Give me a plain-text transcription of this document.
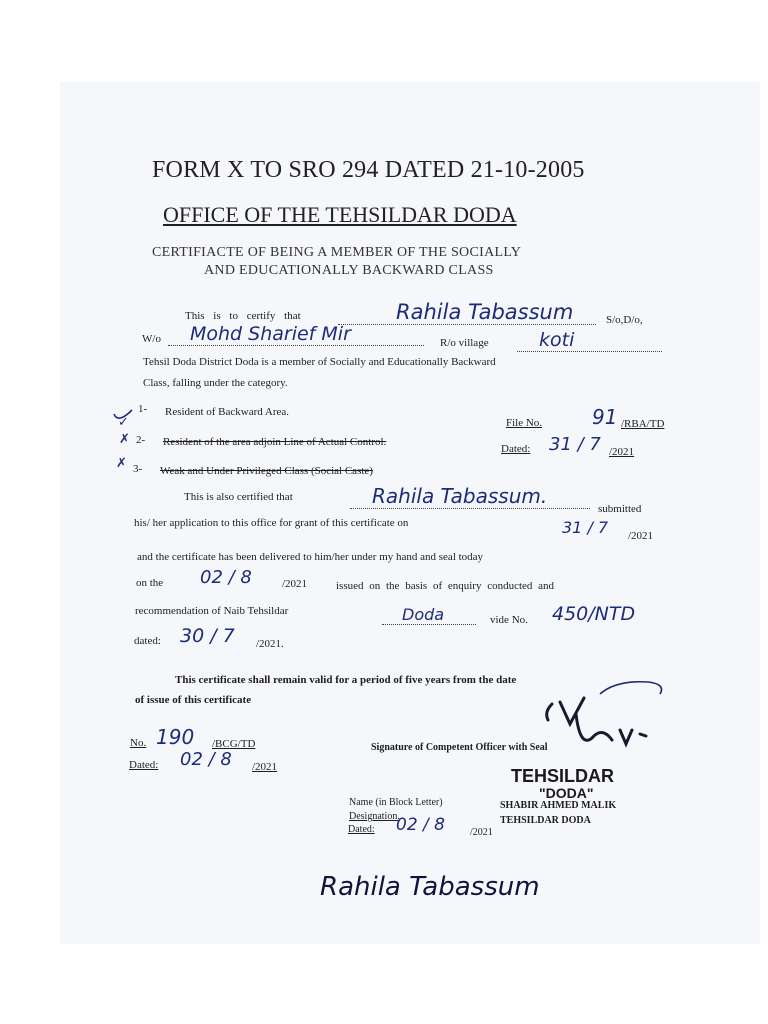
FORM X TO SRO 294 DATED 21-10-2005
OFFICE OF THE TEHSILDAR DODA
CERTIFIACTE OF BEING A MEMBER OF THE SOCIALLY
AND EDUCATIONALLY BACKWARD CLASS
This is to certify that	Rahila Tabassum	S/o,D/o,
W/o	Mohd Sharief Mir	R/o village	koti
Tehsil Doda District Doda is a member of Socially and Educationally Backward
Class, falling under the category.
✓
1- Resident of Backward Area.
✗ 2- Resident of the area adjoin Line of Actual Control.
✗ 3- Weak and Under Privileged Class (Social Caste)
File No. 91 /RBA/TD
Dated: 31 / 7 /2021
This is also certified that	Rahila Tabassum.
submitted
his/ her application to this office for grant of this certificate on	31 / 7 /2021
and the certificate has been delivered to him/her under my hand and seal today
on the 02 / 8	/2021	issued on the basis of enquiry conducted and
recommendation of Naib Tehsildar	Doda	vide No. 450/NTD
dated: 30 / 7 /2021.
This certificate shall remain valid for a period of five years from the date
of issue of this certificate
No. 190 /BCG/TD
Dated: 02 / 8 /2021
Signature of Competent Officer with Seal
TEHSILDAR
"DODA"
Name (in Block Letter)	SHABIR AHMED MALIK
Designation.	TEHSILDAR DODA
Dated: 02 / 8	/2021
Rahila Tabassum
